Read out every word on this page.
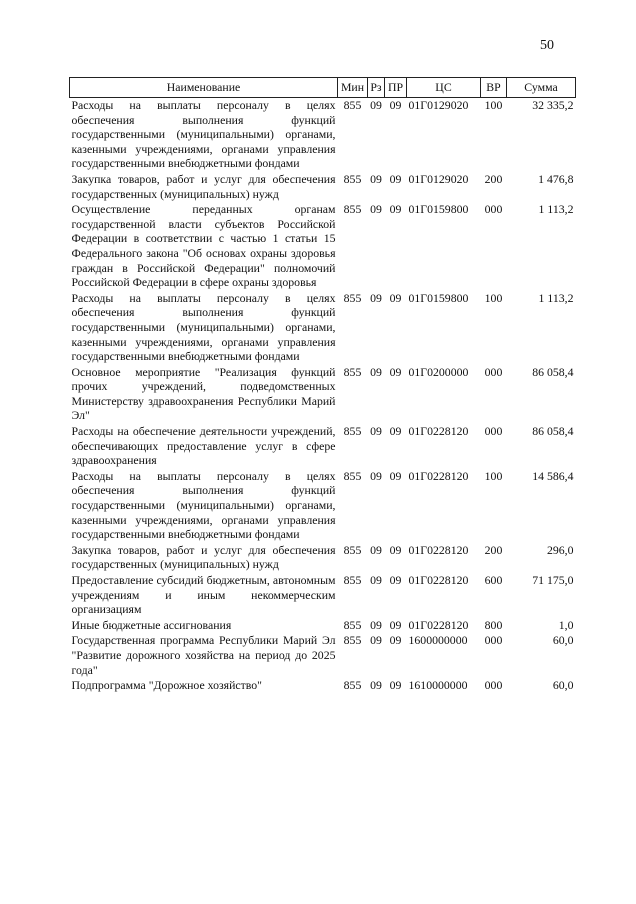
50
Наименование	Мин	Рз	ПР	ЦС	ВР	Сумма
Расходы на выплаты персоналу в целях обеспечения выполнения функций государственными (муниципальными) органами, казенными учреждениями, органами управления государственными внебюджетными фондами	855	09	09	01Г0129020	100	32 335,2
Закупка товаров, работ и услуг для обеспечения государственных (муниципальных) нужд	855	09	09	01Г0129020	200	1 476,8
Осуществление переданных органам государственной власти субъектов Российской Федерации в соответствии с частью 1 статьи 15 Федерального закона "Об основах охраны здоровья граждан в Российской Федерации" полномочий Российской Федерации в сфере охраны здоровья	855	09	09	01Г0159800	000	1 113,2
Расходы на выплаты персоналу в целях обеспечения выполнения функций государственными (муниципальными) органами, казенными учреждениями, органами управления государственными внебюджетными фондами	855	09	09	01Г0159800	100	1 113,2
Основное мероприятие "Реализация функций прочих учреждений, подведомственных Министерству здравоохранения Республики Марий Эл"	855	09	09	01Г0200000	000	86 058,4
Расходы на обеспечение деятельности учреждений, обеспечивающих предоставление услуг в сфере здравоохранения	855	09	09	01Г0228120	000	86 058,4
Расходы на выплаты персоналу в целях обеспечения выполнения функций государственными (муниципальными) органами, казенными учреждениями, органами управления государственными внебюджетными фондами	855	09	09	01Г0228120	100	14 586,4
Закупка товаров, работ и услуг для обеспечения государственных (муниципальных) нужд	855	09	09	01Г0228120	200	296,0
Предоставление субсидий бюджетным, автономным учреждениям и иным некоммерческим организациям	855	09	09	01Г0228120	600	71 175,0
Иные бюджетные ассигнования	855	09	09	01Г0228120	800	1,0
Государственная программа Республики Марий Эл "Развитие дорожного хозяйства на период до 2025 года"	855	09	09	1600000000	000	60,0
Подпрограмма "Дорожное хозяйство"	855	09	09	1610000000	000	60,0
